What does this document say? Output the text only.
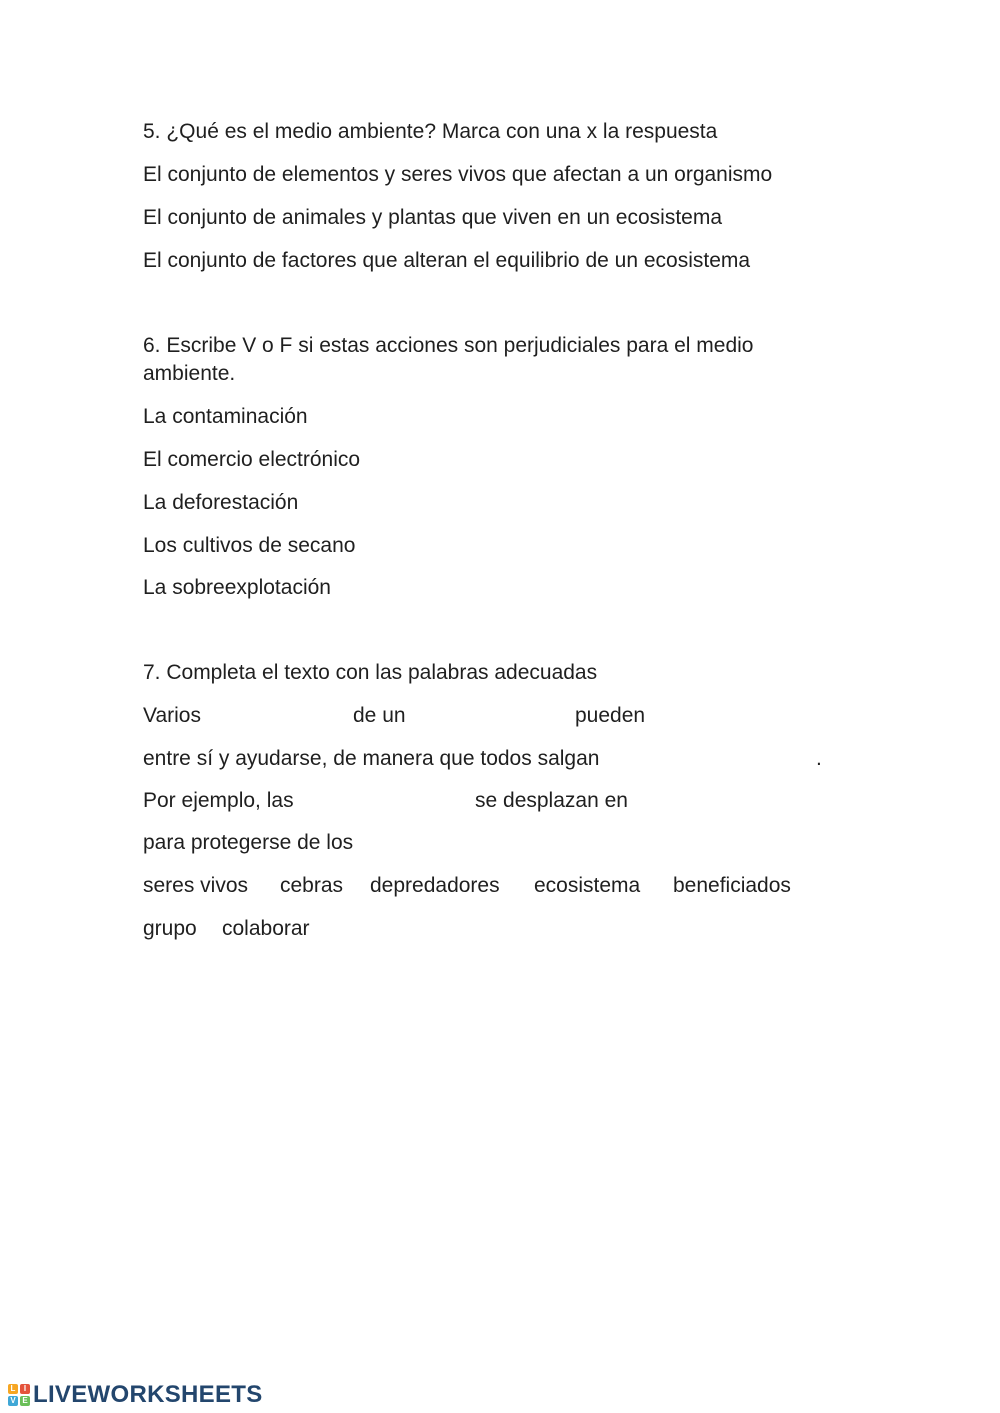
5. ¿Qué es el medio ambiente? Marca con una x la respuesta

El conjunto de elementos y seres vivos que afectan a un organismo

El conjunto de animales y plantas que viven en un ecosistema

El conjunto de factores que alteran el equilibrio de un ecosistema

6. Escribe V o F si estas acciones son perjudiciales para el medio ambiente.

La contaminación

El comercio electrónico

La deforestación

Los cultivos de secano

La sobreexplotación

7. Completa el texto con las palabras adecuadas

Varios	de un	pueden
entre sí y ayudarse, de manera que todos salgan	.
Por ejemplo, las	se desplazan en
para protegerse de los
seres vivos cebras depredadores ecosistema beneficiados
grupo colaborar
L	I
V E LIVEWORKSHEETS
